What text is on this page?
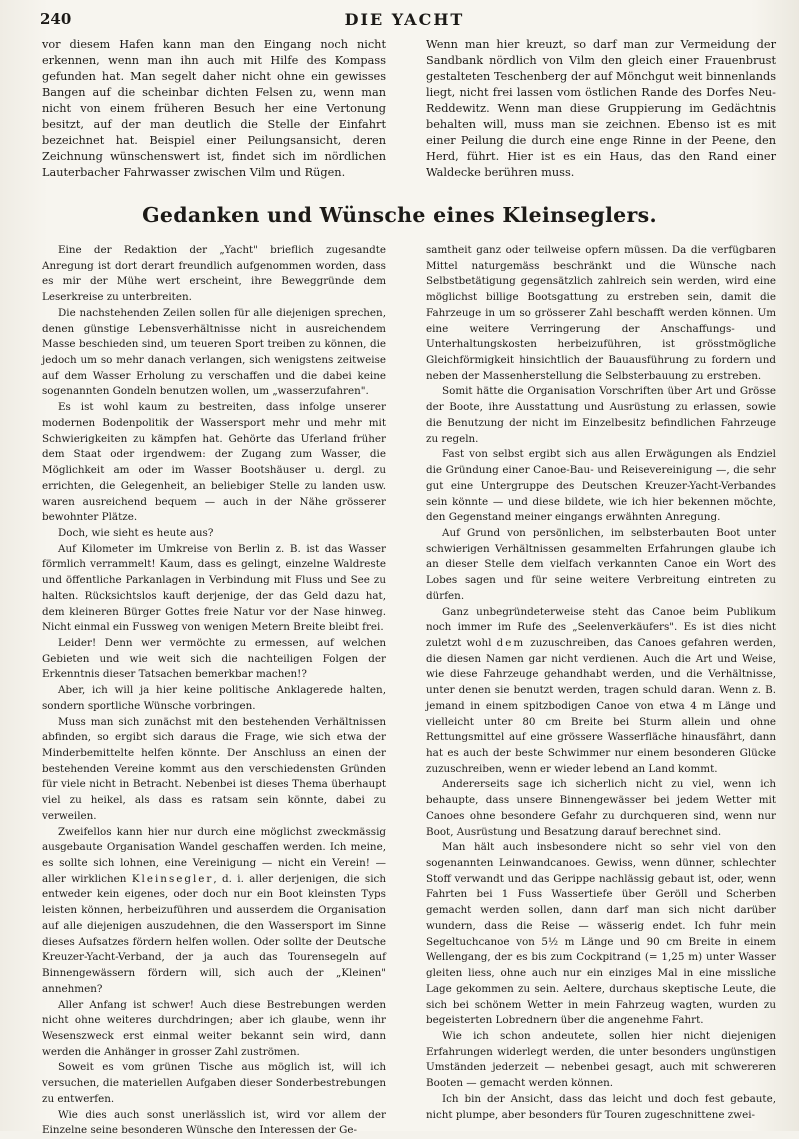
240	DIE YACHT

vor diesem Hafen kann man den Eingang noch nicht erkennen, wenn man ihn auch mit Hilfe des Kompass gefunden hat. Man segelt daher nicht ohne ein gewisses Bangen auf die scheinbar dichten Felsen zu, wenn man nicht von einem früheren Besuch her eine Vertonung besitzt, auf der man deutlich die Stelle der Einfahrt bezeichnet hat. Beispiel einer Peilungsansicht, deren Zeichnung wünschenswert ist, findet sich im nördlichen Lauterbacher Fahrwasser zwischen Vilm und Rügen.

Wenn man hier kreuzt, so darf man zur Vermeidung der Sandbank nördlich von Vilm den gleich einer Frauenbrust gestalteten Teschenberg der auf Mönchgut weit binnenlands liegt, nicht frei lassen vom östlichen Rande des Dorfes Neu-Reddewitz. Wenn man diese Gruppierung im Gedächtnis behalten will, muss man sie zeichnen. Ebenso ist es mit einer Peilung die durch eine enge Rinne in der Peene, den Herd, führt. Hier ist es ein Haus, das den Rand einer Waldecke berühren muss.

Gedanken und Wünsche eines Kleinseglers.

Eine der Redaktion der „Yacht" brieflich zugesandte Anregung ist dort derart freundlich aufgenommen worden, dass es mir der Mühe wert erscheint, ihre Beweggründe dem Leserkreise zu unterbreiten.

Die nachstehenden Zeilen sollen für alle diejenigen sprechen, denen günstige Lebensverhältnisse nicht in ausreichendem Masse beschieden sind, um teueren Sport treiben zu können, die jedoch um so mehr danach verlangen, sich wenigstens zeitweise auf dem Wasser Erholung zu verschaffen und die dabei keine sogenannten Gondeln benutzen wollen, um „wasserzufahren".

Es ist wohl kaum zu bestreiten, dass infolge unserer modernen Bodenpolitik der Wassersport mehr und mehr mit Schwierigkeiten zu kämpfen hat. Gehörte das Uferland früher dem Staat oder irgendwem: der Zugang zum Wasser, die Möglichkeit am oder im Wasser Bootshäuser u. dergl. zu errichten, die Gelegenheit, an beliebiger Stelle zu landen usw. waren ausreichend bequem — auch in der Nähe grösserer bewohnter Plätze.

Doch, wie sieht es heute aus?

Auf Kilometer im Umkreise von Berlin z. B. ist das Wasser förmlich verrammelt! Kaum, dass es gelingt, einzelne Waldreste und öffentliche Parkanlagen in Verbindung mit Fluss und See zu halten. Rücksichtslos kauft derjenige, der das Geld dazu hat, dem kleineren Bürger Gottes freie Natur vor der Nase hinweg. Nicht einmal ein Fussweg von wenigen Metern Breite bleibt frei.

Leider! Denn wer vermöchte zu ermessen, auf welchen Gebieten und wie weit sich die nachteiligen Folgen der Erkenntnis dieser Tatsachen bemerkbar machen!?

Aber, ich will ja hier keine politische Anklagerede halten, sondern sportliche Wünsche vorbringen.

Muss man sich zunächst mit den bestehenden Verhältnissen abfinden, so ergibt sich daraus die Frage, wie sich etwa der Minderbemittelte helfen könnte. Der Anschluss an einen der bestehenden Vereine kommt aus den verschiedensten Gründen für viele nicht in Betracht. Nebenbei ist dieses Thema überhaupt viel zu heikel, als dass es ratsam sein könnte, dabei zu verweilen.

Zweifellos kann hier nur durch eine möglichst zweckmässig ausgebaute Organisation Wandel geschaffen werden. Ich meine, es sollte sich lohnen, eine Vereinigung — nicht ein Verein! — aller wirklichen Kleinsegler, d. i. aller derjenigen, die sich entweder kein eigenes, oder doch nur ein Boot kleinsten Typs leisten können, herbeizuführen und ausserdem die Organisation auf alle diejenigen auszudehnen, die den Wassersport im Sinne dieses Aufsatzes fördern helfen wollen. Oder sollte der Deutsche Kreuzer-Yacht-Verband, der ja auch das Tourensegeln auf Binnengewässern fördern will, sich auch der „Kleinen" annehmen?

Aller Anfang ist schwer! Auch diese Bestrebungen werden nicht ohne weiteres durchdringen; aber ich glaube, wenn ihr Wesenszweck erst einmal weiter bekannt sein wird, dann werden die Anhänger in grosser Zahl zuströmen.

Soweit es vom grünen Tische aus möglich ist, will ich versuchen, die materiellen Aufgaben dieser Sonderbestrebungen zu entwerfen.

Wie dies auch sonst unerlässlich ist, wird vor allem der Einzelne seine besonderen Wünsche den Interessen der Ge-

samtheit ganz oder teilweise opfern müssen. Da die verfügbaren Mittel naturgemäss beschränkt und die Wünsche nach Selbstbetätigung gegensätzlich zahlreich sein werden, wird eine möglichst billige Bootsgattung zu erstreben sein, damit die Fahrzeuge in um so grösserer Zahl beschafft werden können. Um eine weitere Verringerung der Anschaffungs- und Unterhaltungskosten herbeizuführen, ist grösstmögliche Gleichförmigkeit hinsichtlich der Bauausführung zu fordern und neben der Massenherstellung die Selbsterbauung zu erstreben.

Somit hätte die Organisation Vorschriften über Art und Grösse der Boote, ihre Ausstattung und Ausrüstung zu erlassen, sowie die Benutzung der nicht im Einzelbesitz befindlichen Fahrzeuge zu regeln.

Fast von selbst ergibt sich aus allen Erwägungen als Endziel die Gründung einer Canoe-Bau- und Reisevereinigung —, die sehr gut eine Untergruppe des Deutschen Kreuzer-Yacht-Verbandes sein könnte — und diese bildete, wie ich hier bekennen möchte, den Gegenstand meiner eingangs erwähnten Anregung.

Auf Grund von persönlichen, im selbsterbauten Boot unter schwierigen Verhältnissen gesammelten Erfahrungen glaube ich an dieser Stelle dem vielfach verkannten Canoe ein Wort des Lobes sagen und für seine weitere Verbreitung eintreten zu dürfen.

Ganz unbegründeterweise steht das Canoe beim Publikum noch immer im Rufe des „Seelenverkäufers". Es ist dies nicht zuletzt wohl dem zuzuschreiben, das Canoes gefahren werden, die diesen Namen gar nicht verdienen. Auch die Art und Weise, wie diese Fahrzeuge gehandhabt werden, und die Verhältnisse, unter denen sie benutzt werden, tragen schuld daran. Wenn z. B. jemand in einem spitzbodigen Canoe von etwa 4 m Länge und vielleicht unter 80 cm Breite bei Sturm allein und ohne Rettungsmittel auf eine grössere Wasserfläche hinausfährt, dann hat es auch der beste Schwimmer nur einem besonderen Glücke zuzuschreiben, wenn er wieder lebend an Land kommt.

Andererseits sage ich sicherlich nicht zu viel, wenn ich behaupte, dass unsere Binnengewässer bei jedem Wetter mit Canoes ohne besondere Gefahr zu durchqueren sind, wenn nur Boot, Ausrüstung und Besatzung darauf berechnet sind.

Man hält auch insbesondere nicht so sehr viel von den sogenannten Leinwandcanoes. Gewiss, wenn dünner, schlechter Stoff verwandt und das Gerippe nachlässig gebaut ist, oder, wenn Fahrten bei 1 Fuss Wassertiefe über Geröll und Scherben gemacht werden sollen, dann darf man sich nicht darüber wundern, dass die Reise — wässerig endet. Ich fuhr mein Segeltuchcanoe von 5½ m Länge und 90 cm Breite in einem Wellengang, der es bis zum Cockpitrand (= 1,25 m) unter Wasser gleiten liess, ohne auch nur ein einziges Mal in eine missliche Lage gekommen zu sein. Aeltere, durchaus skeptische Leute, die sich bei schönem Wetter in mein Fahrzeug wagten, wurden zu begeisterten Lobrednern über die angenehme Fahrt.

Wie ich schon andeutete, sollen hier nicht diejenigen Erfahrungen widerlegt werden, die unter besonders ungünstigen Umständen jederzeit — nebenbei gesagt, auch mit schwereren Booten — gemacht werden können.

Ich bin der Ansicht, dass das leicht und doch fest gebaute, nicht plumpe, aber besonders für Touren zugeschnittene zwei-
